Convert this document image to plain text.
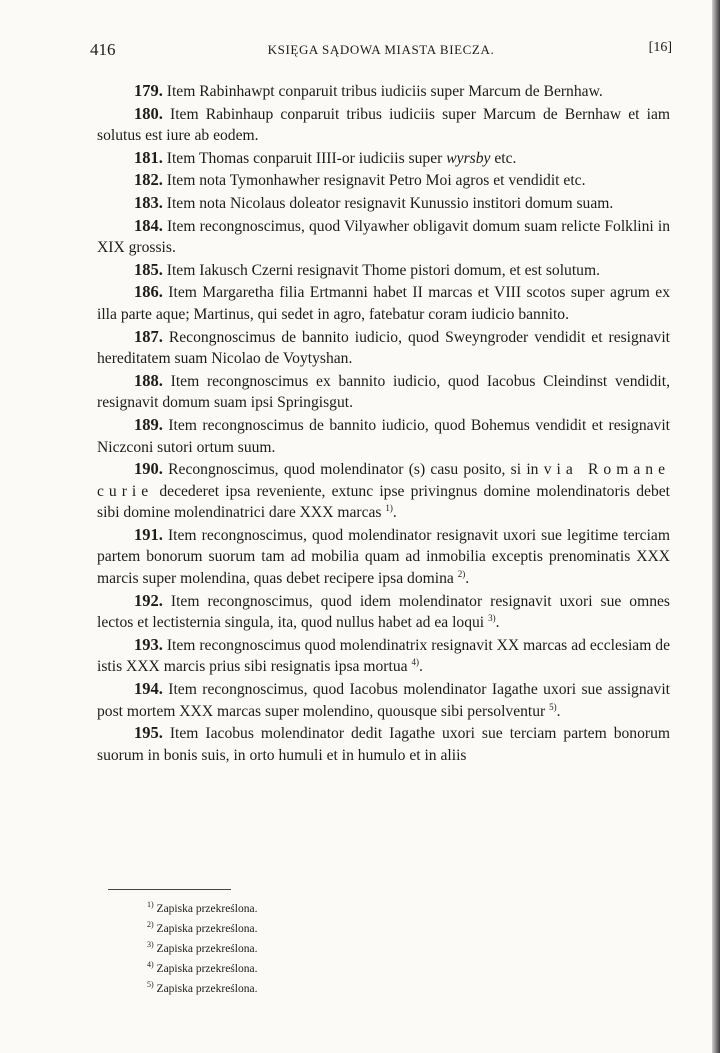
416	KSIĘGA SĄDOWA MIASTA BIECZA.	[16]

179. Item Rabinhawpt conparuit tribus iudiciis super Marcum de Bernhaw.

180. Item Rabinhaup conparuit tribus iudiciis super Marcum de Bernhaw et iam solutus est iure ab eodem.

181. Item Thomas conparuit IIII-or iudiciis super wyrsby etc.

182. Item nota Tymonhawher resignavit Petro Moi agros et vendidit etc.

183. Item nota Nicolaus doleator resignavit Kunussio institori domum suam.

184. Item recongnoscimus, quod Vilyawher obligavit domum suam relicte Folklini in XIX grossis.

185. Item Iakusch Czerni resignavit Thome pistori domum, et est solutum.

186. Item Margaretha filia Ertmanni habet II marcas et VIII scotos super agrum ex illa parte aque; Martinus, qui sedet in agro, fatebatur coram iudicio bannito.

187. Recongnoscimus de bannito iudicio, quod Sweyngroder vendidit et resignavit hereditatem suam Nicolao de Voytyshan.

188. Item recongnoscimus ex bannito iudicio, quod Iacobus Cleindinst vendidit, resignavit domum suam ipsi Springisgut.

189. Item recongnoscimus de bannito iudicio, quod Bohemus vendidit et resignavit Niczconi sutori ortum suum.

190. Recongnoscimus, quod molendinator (s) casu posito, si in via Romane curie decederet ipsa reveniente, extunc ipse privingnus domine molendinatoris debet sibi domine molendinatrici dare XXX marcas $^{1)}$.

191. Item recongnoscimus, quod molendinator resignavit uxori sue legitime terciam partem bonorum suorum tam ad mobilia quam ad inmobilia exceptis prenominatis XXX marcis super molendina, quas debet recipere ipsa domina $^{2)}$.

192. Item recongnoscimus, quod idem molendinator resignavit uxori sue omnes lectos et lectisternia singula, ita, quod nullus habet ad ea loqui $^{3)}$.

193. Item recongnoscimus quod molendinatrix resignavit XX marcas ad ecclesiam de istis XXX marcis prius sibi resignatis ipsa mortua $^{4)}$.

194. Item recongnoscimus, quod Iacobus molendinator Iagathe uxori sue assignavit post mortem XXX marcas super molendino, quousque sibi persolventur $^{5)}$.

195. Item Iacobus molendinator dedit Iagathe uxori sue terciam partem bonorum suorum in bonis suis, in orto humuli et in humulo et in aliis

$^{1)}$ Zapiska przekreślona.
$^{2)}$ Zapiska przekreślona.
$^{3)}$ Zapiska przekreślona.
$^{4)}$ Zapiska przekreślona.
$^{5)}$ Zapiska przekreślona.
